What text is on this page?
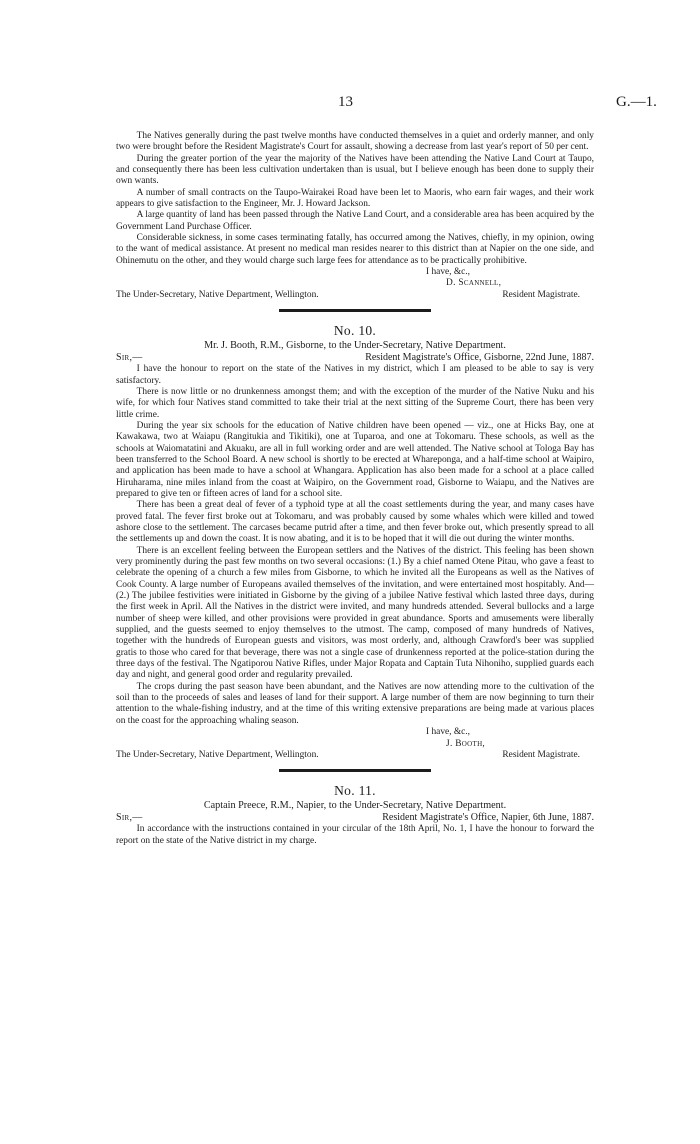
13	G.—1.

The Natives generally during the past twelve months have conducted themselves in a quiet and orderly manner, and only two were brought before the Resident Magistrate's Court for assault, showing a decrease from last year's report of 50 per cent.

During the greater portion of the year the majority of the Natives have been attending the Native Land Court at Taupo, and consequently there has been less cultivation undertaken than is usual, but I believe enough has been done to supply their own wants.

A number of small contracts on the Taupo-Wairakei Road have been let to Maoris, who earn fair wages, and their work appears to give satisfaction to the Engineer, Mr. J. Howard Jackson.

A large quantity of land has been passed through the Native Land Court, and a considerable area has been acquired by the Government Land Purchase Officer.

Considerable sickness, in some cases terminating fatally, has occurred among the Natives, chiefly, in my opinion, owing to the want of medical assistance. At present no medical man resides nearer to this district than at Napier on the one side, and Ohinemutu on the other, and they would charge such large fees for attendance as to be practically prohibitive.

I have, &c.,

D. Scannell,

The Under-Secretary, Native Department, Wellington.	Resident Magistrate.

No. 10.

Mr. J. Booth, R.M., Gisborne, to the Under-Secretary, Native Department.

Sir,—	Resident Magistrate's Office, Gisborne, 22nd June, 1887.

I have the honour to report on the state of the Natives in my district, which I am pleased to be able to say is very satisfactory.

There is now little or no drunkenness amongst them; and with the exception of the murder of the Native Nuku and his wife, for which four Natives stand committed to take their trial at the next sitting of the Supreme Court, there has been very little crime.

During the year six schools for the education of Native children have been opened — viz., one at Hicks Bay, one at Kawakawa, two at Waiapu (Rangitukia and Tikitiki), one at Tuparoa, and one at Tokomaru. These schools, as well as the schools at Waiomatatini and Akuaku, are all in full working order and are well attended. The Native school at Tologa Bay has been transferred to the School Board. A new school is shortly to be erected at Whareponga, and a half-time school at Waipiro, and application has been made to have a school at Whangara. Application has also been made for a school at a place called Hiruharama, nine miles inland from the coast at Waipiro, on the Government road, Gisborne to Waiapu, and the Natives are prepared to give ten or fifteen acres of land for a school site.

There has been a great deal of fever of a typhoid type at all the coast settlements during the year, and many cases have proved fatal. The fever first broke out at Tokomaru, and was probably caused by some whales which were killed and towed ashore close to the settlement. The carcases became putrid after a time, and then fever broke out, which presently spread to all the settlements up and down the coast. It is now abating, and it is to be hoped that it will die out during the winter months.

There is an excellent feeling between the European settlers and the Natives of the district. This feeling has been shown very prominently during the past few months on two several occasions: (1.) By a chief named Otene Pitau, who gave a feast to celebrate the opening of a church a few miles from Gisborne, to which he invited all the Europeans as well as the Natives of Cook County. A large number of Europeans availed themselves of the invitation, and were entertained most hospitably. And—(2.) The jubilee festivities were initiated in Gisborne by the giving of a jubilee Native festival which lasted three days, during the first week in April. All the Natives in the district were invited, and many hundreds attended. Several bullocks and a large number of sheep were killed, and other provisions were provided in great abundance. Sports and amusements were liberally supplied, and the guests seemed to enjoy themselves to the utmost. The camp, composed of many hundreds of Natives, together with the hundreds of European guests and visitors, was most orderly, and, although Crawford's beer was supplied gratis to those who cared for that beverage, there was not a single case of drunkenness reported at the police-station during the three days of the festival. The Ngatiporou Native Rifles, under Major Ropata and Captain Tuta Nihoniho, supplied guards each day and night, and general good order and regularity prevailed.

The crops during the past season have been abundant, and the Natives are now attending more to the cultivation of the soil than to the proceeds of sales and leases of land for their support. A large number of them are now beginning to turn their attention to the whale-fishing industry, and at the time of this writing extensive preparations are being made at various places on the coast for the approaching whaling season.

I have, &c.,

J. Booth,

The Under-Secretary, Native Department, Wellington.	Resident Magistrate.

No. 11.

Captain Preece, R.M., Napier, to the Under-Secretary, Native Department.

Sir,—	Resident Magistrate's Office, Napier, 6th June, 1887.

In accordance with the instructions contained in your circular of the 18th April, No. 1, I have the honour to forward the report on the state of the Native district in my charge.
